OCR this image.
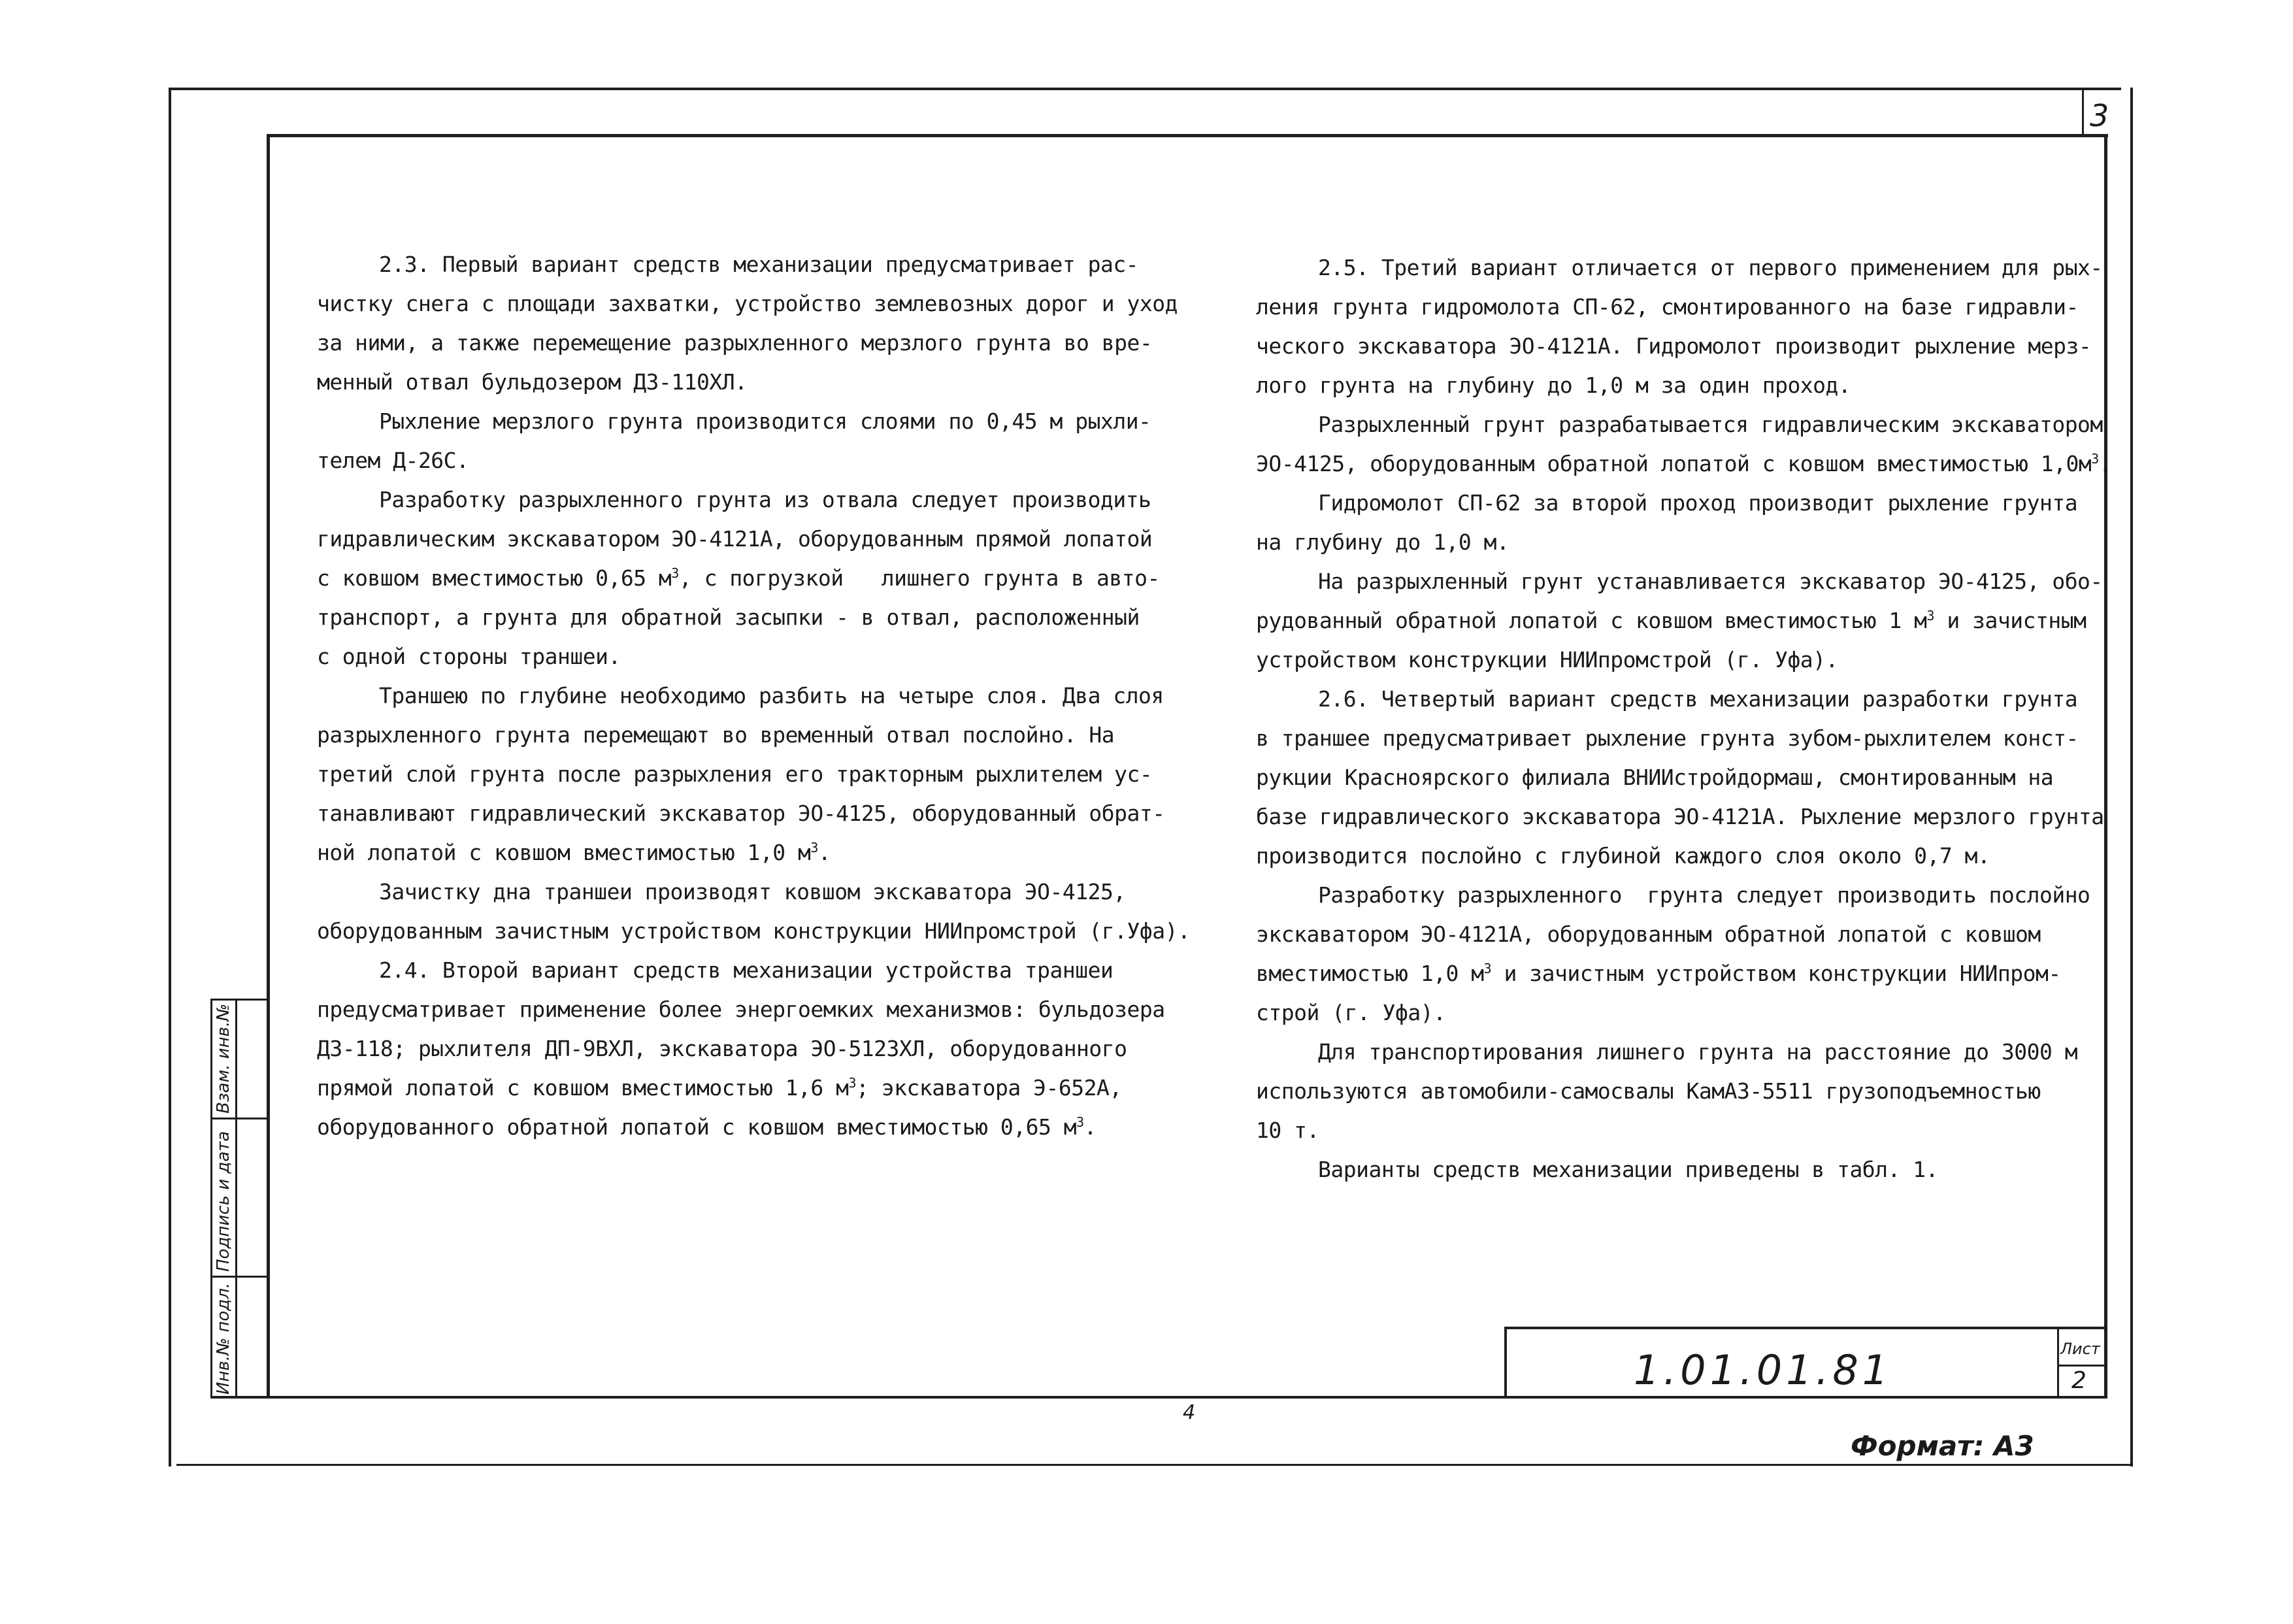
3
Инв.№ подл.
Подпись и дата
Взам. инв.№
1.01.01.81	Лист
2
4
Формат: А3

2.3. Первый вариант средств механизации предусматривает рас-
чистку снега с площади захватки, устройство землевозных дорог и уход
за ними, а также перемещение разрыхленного мерзлого грунта во вре-
менный отвал бульдозером ДЗ-110ХЛ.

Рыхление мерзлого грунта производится слоями по 0,45 м рыхли-
телем Д-26С.

Разработку разрыхленного грунта из отвала следует производить
гидравлическим экскаватором ЭО-4121А, оборудованным прямой лопатой
с ковшом вместимостью 0,65 $м^3$, с погрузкой   лишнего грунта в авто-
транспорт, а грунта для обратной засыпки - в отвал, расположенный
с одной стороны траншеи.

Траншею по глубине необходимо разбить на четыре слоя. Два слоя
разрыхленного грунта перемещают во временный отвал послойно. На
третий слой грунта после разрыхления его тракторным рыхлителем ус-
танавливают гидравлический экскаватор ЭО-4125, оборудованный обрат-
ной лопатой с ковшом вместимостью 1,0 $м^3$.

Зачистку дна траншеи производят ковшом экскаватора ЭО-4125,
оборудованным зачистным устройством конструкции НИИпромстрой (г.Уфа).

2.4. Второй вариант средств механизации устройства траншеи
предусматривает применение более энергоемких механизмов: бульдозера
ДЗ-118; рыхлителя ДП-9ВХЛ, экскаватора ЭО-5123ХЛ, оборудованного
прямой лопатой с ковшом вместимостью 1,6 $м^3$; экскаватора Э-652А,
оборудованного обратной лопатой с ковшом вместимостью 0,65 $м^3$.

2.5. Третий вариант отличается от первого применением для рых-
ления грунта гидромолота СП-62, смонтированного на базе гидравли-
ческого экскаватора ЭО-4121А. Гидромолот производит рыхление мерз-
лого грунта на глубину до 1,0 м за один проход.

Разрыхленный грунт разрабатывается гидравлическим экскаватором
ЭО-4125, оборудованным обратной лопатой с ковшом вместимостью $1,0м^3$.

Гидромолот СП-62 за второй проход производит рыхление грунта
на глубину до 1,0 м.

На разрыхленный грунт устанавливается экскаватор ЭО-4125, обо-
рудованный обратной лопатой с ковшом вместимостью 1 $м^3$ и зачистным
устройством конструкции НИИпромстрой (г. Уфа).

2.6. Четвертый вариант средств механизации разработки грунта
в траншее предусматривает рыхление грунта зубом-рыхлителем конст-
рукции Красноярского филиала ВНИИстройдормаш, смонтированным на
базе гидравлического экскаватора ЭО-4121А. Рыхление мерзлого грунта
производится послойно с глубиной каждого слоя около 0,7 м.

Разработку разрыхленного  грунта следует производить послойно
экскаватором ЭО-4121А, оборудованным обратной лопатой с ковшом
вместимостью 1,0 $м^3$ и зачистным устройством конструкции НИИпром-
строй (г. Уфа).

Для транспортирования лишнего грунта на расстояние до 3000 м
используются автомобили-самосвалы КамАЗ-5511 грузоподъемностью
10 т.

Варианты средств механизации приведены в табл. 1.
